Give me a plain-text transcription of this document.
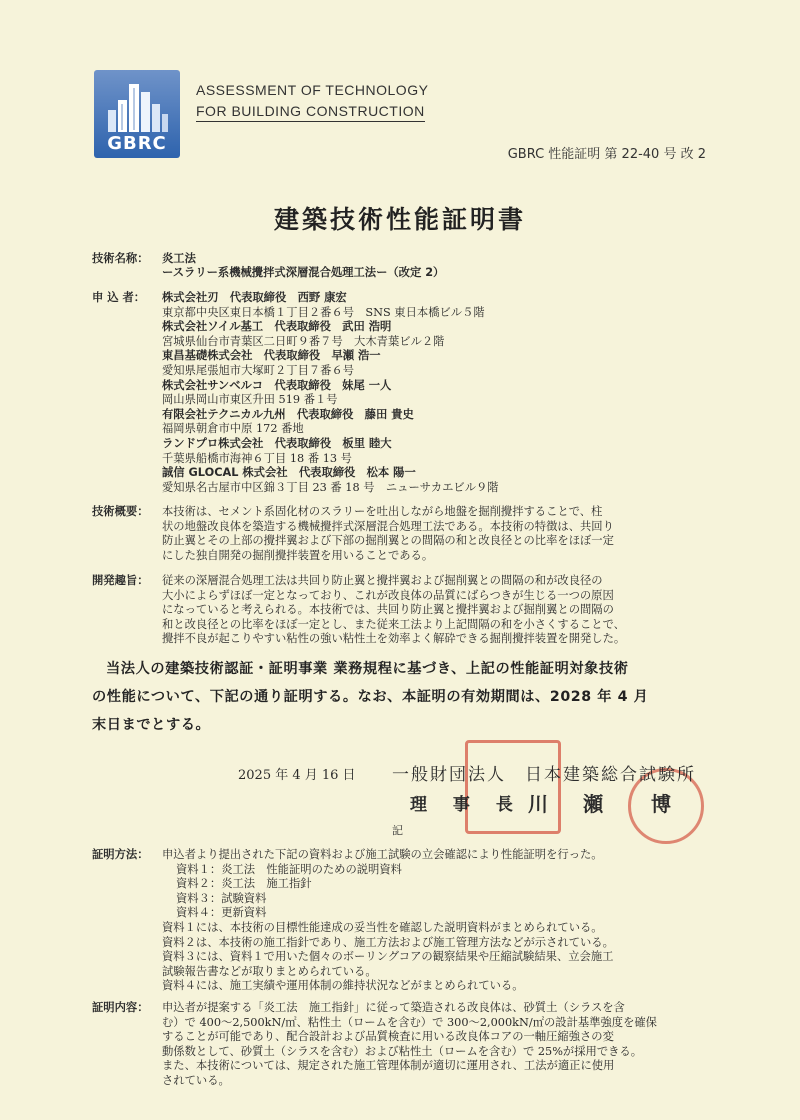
GBRC
ASSESSMENT OF TECHNOLOGY
FOR BUILDING CONSTRUCTION
GBRC 性能証明 第 22-40 号 改 2
建築技術性能証明書
技術名称：	炎工法
ースラリー系機械攪拌式深層混合処理工法ー（改定 2）
申 込 者：	株式会社刃　代表取締役　西野 康宏
東京都中央区東日本橋１丁目２番６号　SNS 東日本橋ビル５階
株式会社ソイル基工　代表取締役　武田 浩明
宮城県仙台市青葉区二日町９番７号　大木青葉ビル２階
東昌基礎株式会社　代表取締役　早瀬 浩一
愛知県尾張旭市大塚町２丁目７番６号
株式会社サンベルコ　代表取締役　妹尾 一人
岡山県岡山市東区升田 519 番１号
有限会社テクニカル九州　代表取締役　藤田 貴史
福岡県朝倉市中原 172 番地
ランドプロ株式会社　代表取締役　板里 睦大
千葉県船橋市海神６丁目 18 番 13 号
誠信 GLOCAL 株式会社　代表取締役　松本 陽一
愛知県名古屋市中区錦３丁目 23 番 18 号　ニューサカエビル９階
技術概要：	本技術は、セメント系固化材のスラリーを吐出しながら地盤を掘削攪拌することで、柱

状の地盤改良体を築造する機械攪拌式深層混合処理工法である。本技術の特徴は、共回り

防止翼とその上部の攪拌翼および下部の掘削翼との間隔の和と改良径との比率をほぼ一定

にした独自開発の掘削攪拌装置を用いることである。

開発趣旨：	従来の深層混合処理工法は共回り防止翼と攪拌翼および掘削翼との間隔の和が改良径の

大小によらずほぼ一定となっており、これが改良体の品質にばらつきが生じる一つの原因

になっていると考えられる。本技術では、共回り防止翼と攪拌翼および掘削翼との間隔の

和と改良径との比率をほぼ一定とし、また従来工法より上記間隔の和を小さくすることで、

攪拌不良が起こりやすい粘性の強い粘性土を効率よく解砕できる掘削攪拌装置を開発した。

当法人の建築技術認証・証明事業 業務規程に基づき、上記の性能証明対象技術

の性能について、下記の通り証明する。なお、本証明の有効期間は、2028 年 4 月

末日までとする。

2025 年 4 月 16 日 一般財団法人　日本建築総合試験所
理 事 長 川 瀬　博
記
証明方法：	申込者より提出された下記の資料および施工試験の立会確認により性能証明を行った。

資料１：炎工法　性能証明のための説明資料

資料２：炎工法　施工指針

資料３：試験資料

資料４：更新資料

資料１には、本技術の目標性能達成の妥当性を確認した説明資料がまとめられている。

資料２は、本技術の施工指針であり、施工方法および施工管理方法などが示されている。

資料３には、資料１で用いた個々のボーリングコアの観察結果や圧縮試験結果、立会施工

試験報告書などが取りまとめられている。

資料４には、施工実績や運用体制の維持状況などがまとめられている。

証明内容：	申込者が提案する「炎工法　施工指針」に従って築造される改良体は、砂質土（シラスを含

む）で 400～2,500kN/㎡、粘性土（ロームを含む）で 300～2,000kN/㎡の設計基準強度を確保

することが可能であり、配合設計および品質検査に用いる改良体コアの一軸圧縮強さの変

動係数として、砂質土（シラスを含む）および粘性土（ロームを含む）で 25%が採用できる。

また、本技術については、規定された施工管理体制が適切に運用され、工法が適正に使用

されている。
